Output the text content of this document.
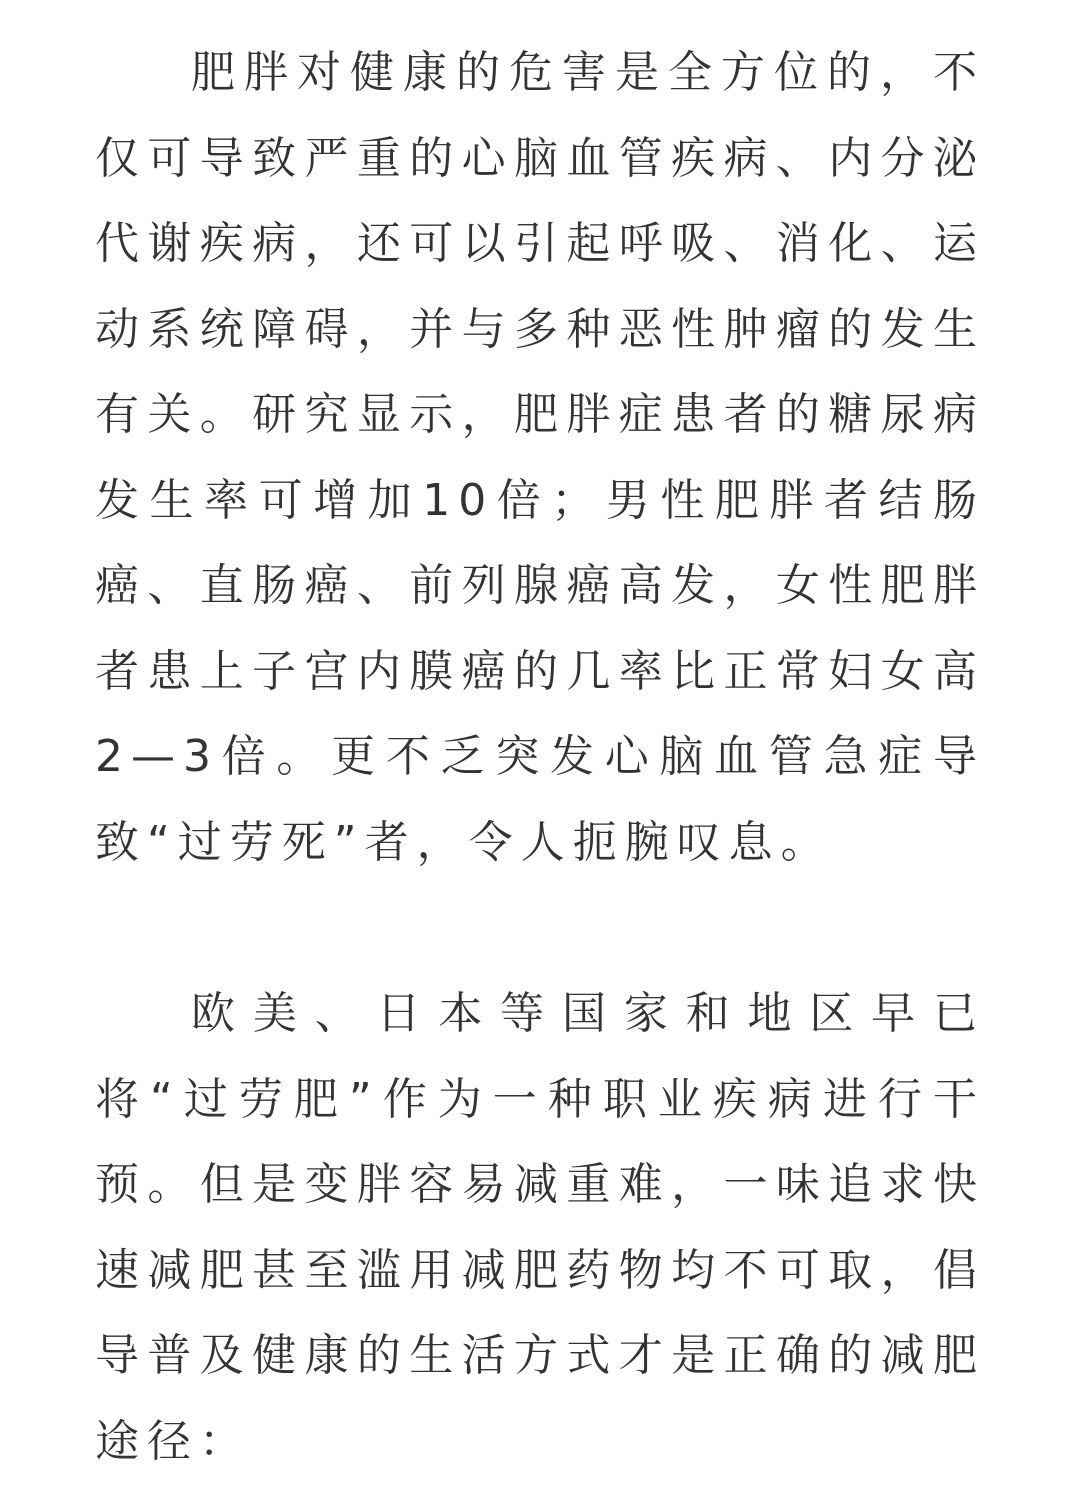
肥胖对健康的危害是全方位的，不仅可导致严重的心脑血管疾病、内分泌代谢疾病，还可以引起呼吸、消化、运动系统障碍，并与多种恶性肿瘤的发生有关。研究显示，肥胖症患者的糖尿病发生率可增加10倍；男性肥胖者结肠癌、直肠癌、前列腺癌高发，女性肥胖者患上子宫内膜癌的几率比正常妇女高2—3倍。更不乏突发心脑血管急症导致“过劳死”者，令人扼腕叹息。

欧美、日本等国家和地区早已将“过劳肥”作为一种职业疾病进行干预。但是变胖容易减重难，一味追求快速减肥甚至滥用减肥药物均不可取，倡导普及健康的生活方式才是正确的减肥途径：
